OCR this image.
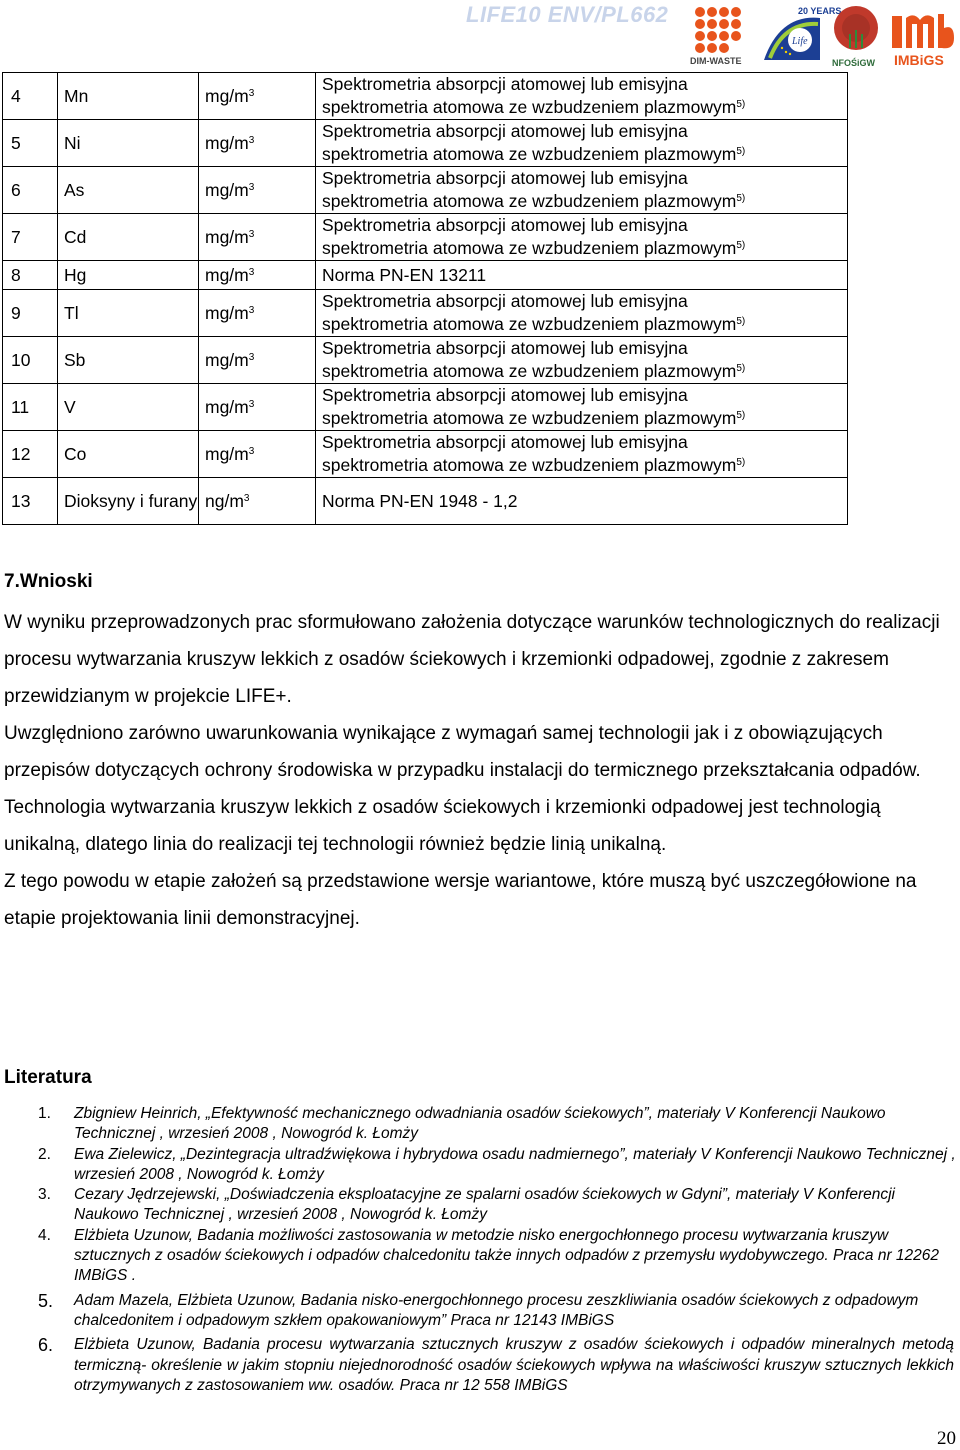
LIFE10 ENV/PL662
DIM-WASTE
Life
20 YEARS
NFOŚiGW IMBiGS
4	Mn	$mg/m^3$	Spektrometria absorpcji atomowej lub emisyjna
spektrometria atomowa ze wzbudzeniem plazmowym$^{5)}$
5	Ni	$mg/m^3$	Spektrometria absorpcji atomowej lub emisyjna
spektrometria atomowa ze wzbudzeniem plazmowym$^{5)}$
6	As	$mg/m^3$	Spektrometria absorpcji atomowej lub emisyjna
spektrometria atomowa ze wzbudzeniem plazmowym$^{5)}$
7	Cd	$mg/m^3$	Spektrometria absorpcji atomowej lub emisyjna
spektrometria atomowa ze wzbudzeniem plazmowym$^{5)}$
8	Hg	$mg/m^3$	Norma PN-EN 13211
9	Tl	$mg/m^3$	Spektrometria absorpcji atomowej lub emisyjna
spektrometria atomowa ze wzbudzeniem plazmowym$^{5)}$
10	Sb	$mg/m^3$	Spektrometria absorpcji atomowej lub emisyjna
spektrometria atomowa ze wzbudzeniem plazmowym$^{5)}$
11	V	$mg/m^3$	Spektrometria absorpcji atomowej lub emisyjna
spektrometria atomowa ze wzbudzeniem plazmowym$^{5)}$
12	Co	$mg/m^3$	Spektrometria absorpcji atomowej lub emisyjna
spektrometria atomowa ze wzbudzeniem plazmowym$^{5)}$
13	Dioksyny i furany	$ng/m^3$	Norma PN-EN 1948 - 1,2
7.Wnioski

W wyniku przeprowadzonych prac sformułowano założenia dotyczące warunków technologicznych do realizacji procesu wytwarzania kruszyw lekkich z osadów ściekowych i krzemionki odpadowej, zgodnie z zakresem przewidzianym w projekcie LIFE+.

Uwzględniono zarówno uwarunkowania wynikające z wymagań samej technologii jak i z obowiązujących przepisów dotyczących ochrony środowiska w przypadku instalacji do termicznego przekształcania odpadów.

Technologia wytwarzania kruszyw lekkich z osadów ściekowych i krzemionki odpadowej jest technologią unikalną, dlatego linia do realizacji tej technologii również będzie linią unikalną.

Z tego powodu w etapie założeń są przedstawione wersje wariantowe, które muszą być uszczegółowione na etapie projektowania linii demonstracyjnej.

Literatura
1. Zbigniew Heinrich, „Efektywność mechanicznego odwadniania osadów ściekowych”, materiały V Konferencji Naukowo Technicznej , wrzesień 2008 , Nowogród k. Łomży
2. Ewa Zielewicz, „Dezintegracja ultradźwiękowa i hybrydowa osadu nadmiernego”, materiały V Konferencji Naukowo Technicznej , wrzesień 2008 , Nowogród k. Łomży
3. Cezary Jędrzejewski, „Doświadczenia eksploatacyjne ze spalarni osadów ściekowych w Gdyni”, materiały V Konferencji Naukowo Technicznej , wrzesień 2008 , Nowogród k. Łomży
4. Elżbieta Uzunow, Badania możliwości zastosowania w metodzie nisko energochłonnego procesu wytwarzania kruszyw sztucznych z osadów ściekowych i odpadów chalcedonitu także innych odpadów z przemysłu wydobywczego. Praca nr 12262 IMBiGS .
5. Adam Mazela, Elżbieta Uzunow, Badania nisko-energochłonnego procesu zeszkliwiania osadów ściekowych z odpadowym chalcedonitem i odpadowym szkłem opakowaniowym” Praca nr 12143 IMBiGS
6. Elżbieta Uzunow, Badania procesu wytwarzania sztucznych kruszyw z osadów ściekowych i odpadów mineralnych metodą termiczną- określenie w jakim stopniu niejednorodność osadów ściekowych wpływa na właściwości kruszyw sztucznych lekkich otrzymywanych z zastosowaniem ww. osadów. Praca nr 12 558 IMBiGS
20
